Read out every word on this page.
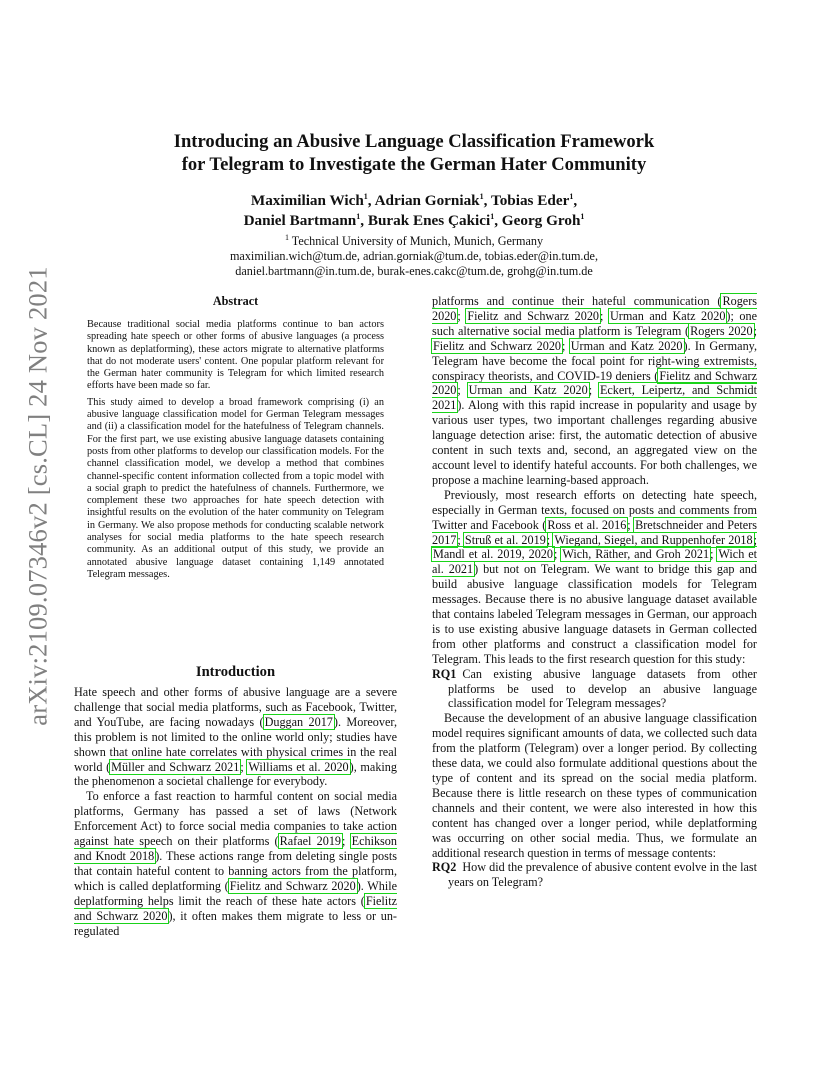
arXiv:2109.07346v2 [cs.CL] 24 Nov 2021
Introducing an Abusive Language Classification Framework
for Telegram to Investigate the German Hater Community
Maximilian Wich$^1$, Adrian Gorniak$^1$, Tobias Eder$^1$,
Daniel Bartmann$^1$, Burak Enes Çakici$^1$, Georg Groh$^1$
$^1$ Technical University of Munich, Munich, Germany
maximilian.wich@tum.de, adrian.gorniak@tum.de, tobias.eder@in.tum.de,
daniel.bartmann@in.tum.de, burak-enes.cakc@tum.de, grohg@in.tum.de
Abstract

Because traditional social media platforms continue to ban actors spreading hate speech or other forms of abusive languages (a process known as deplatforming), these actors migrate to alternative platforms that do not moderate users' content. One popular platform relevant for the German hater community is Telegram for which limited research efforts have been made so far.

This study aimed to develop a broad framework comprising (i) an abusive language classification model for German Telegram messages and (ii) a classification model for the hatefulness of Telegram channels. For the first part, we use existing abusive language datasets containing posts from other platforms to develop our classification models. For the channel classification model, we develop a method that combines channel-specific content information collected from a topic model with a social graph to predict the hatefulness of channels. Furthermore, we complement these two approaches for hate speech detection with insightful results on the evolution of the hater community on Telegram in Germany. We also propose methods for conducting scalable network analyses for social media platforms to the hate speech research community. As an additional output of this study, we provide an annotated abusive language dataset containing 1,149 annotated Telegram messages.

Introduction

Hate speech and other forms of abusive language are a severe challenge that social media platforms, such as Facebook, Twitter, and YouTube, are facing nowadays (Duggan 2017). Moreover, this problem is not limited to the online world only; studies have shown that online hate correlates with physical crimes in the real world (Müller and Schwarz 2021; Williams et al. 2020), making the phenomenon a societal challenge for everybody.

To enforce a fast reaction to harmful content on social media platforms, Germany has passed a set of laws (Network Enforcement Act) to force social media companies to take action against hate speech on their platforms (Rafael 2019; Echikson and Knodt 2018). These actions range from deleting single posts that contain hateful content to banning actors from the platform, which is called deplatforming (Fielitz and Schwarz 2020). While deplatforming helps limit the reach of these hate actors (Fielitz and Schwarz 2020), it often makes them migrate to less or un-regulated

platforms and continue their hateful communication (Rogers 2020; Fielitz and Schwarz 2020; Urman and Katz 2020); one such alternative social media platform is Telegram (Rogers 2020; Fielitz and Schwarz 2020; Urman and Katz 2020). In Germany, Telegram have become the focal point for right-wing extremists, conspiracy theorists, and COVID-19 deniers (Fielitz and Schwarz 2020; Urman and Katz 2020; Eckert, Leipertz, and Schmidt 2021). Along with this rapid increase in popularity and usage by various user types, two important challenges regarding abusive language detection arise: first, the automatic detection of abusive content in such texts and, second, an aggregated view on the account level to identify hateful accounts. For both challenges, we propose a machine learning-based approach.

Previously, most research efforts on detecting hate speech, especially in German texts, focused on posts and comments from Twitter and Facebook (Ross et al. 2016; Bretschneider and Peters 2017; Struß et al. 2019; Wiegand, Siegel, and Ruppenhofer 2018; Mandl et al. 2019, 2020; Wich, Räther, and Groh 2021; Wich et al. 2021) but not on Telegram. We want to bridge this gap and build abusive language classification models for Telegram messages. Because there is no abusive language dataset available that contains labeled Telegram messages in German, our approach is to use existing abusive language datasets in German collected from other platforms and construct a classification model for Telegram. This leads to the first research question for this study:

RQ1 Can existing abusive language datasets from other platforms be used to develop an abusive language classification model for Telegram messages?

Because the development of an abusive language classification model requires significant amounts of data, we collected such data from the platform (Telegram) over a longer period. By collecting these data, we could also formulate additional questions about the type of content and its spread on the social media platform. Because there is little research on these types of communication channels and their content, we were also interested in how this content has changed over a longer period, while deplatforming was occurring on other social media. Thus, we formulate an additional research question in terms of message contents:

RQ2 How did the prevalence of abusive content evolve in the last years on Telegram?
